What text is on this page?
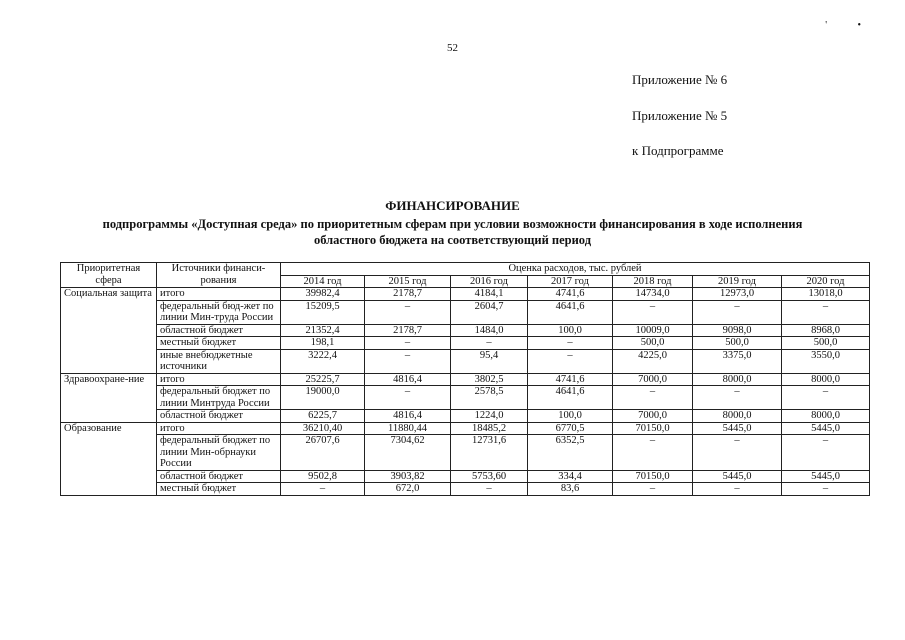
' •
52
Приложение № 6
Приложение № 5
к Подпрограмме
ФИНАНСИРОВАНИЕ
подпрограммы «Доступная среда» по приоритетным сферам при условии возможности финансирования в ходе исполнения областного бюджета на соответствующий период
Приоритетная сфера	Источники финанси-рования	Оценка расходов, тыс. рублей						
		2014 год	2015 год	2016 год	2017 год	2018 год	2019 год	2020 год
Социальная защита	итого	39982,4	2178,7	4184,1	4741,6	14734,0	12973,0	13018,0
	федеральный бюд-жет по линии Мин-труда России	15209,5	–	2604,7	4641,6	–	–	–
	областной бюджет	21352,4	2178,7	1484,0	100,0	10009,0	9098,0	8968,0
	местный бюджет	198,1	–	–	–	500,0	500,0	500,0
	иные внебюджетные источники	3222,4	–	95,4	–	4225,0	3375,0	3550,0
Здравоохране-ние	итого	25225,7	4816,4	3802,5	4741,6	7000,0	8000,0	8000,0
	федеральный бюджет по линии Минтруда России	19000,0	–	2578,5	4641,6	–	–	–
	областной бюджет	6225,7	4816,4	1224,0	100,0	7000,0	8000,0	8000,0
Образование	итого	36210,40	11880,44	18485,2	6770,5	70150,0	5445,0	5445,0
	федеральный бюджет по линии Мин-обрнауки России	26707,6	7304,62	12731,6	6352,5	–	–	–
	областной бюджет	9502,8	3903,82	5753,60	334,4	70150,0	5445,0	5445,0
	местный бюджет	–	672,0	–	83,6	–	–	–
